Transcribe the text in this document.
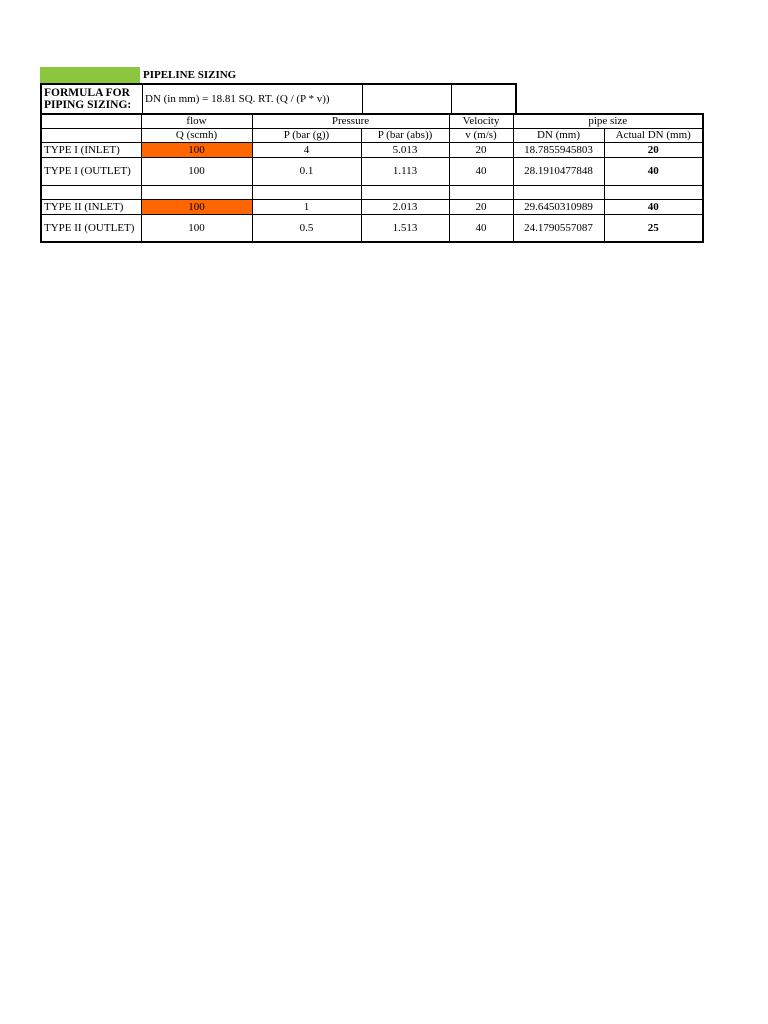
PIPELINE SIZING
FORMULA FOR PIPING SIZING:	DN (in mm) = 18.81 SQ. RT. (Q / (P * v))		
	flow	Pressure		Velocity	pipe size	
	Q (scmh)	P (bar (g))	P (bar (abs))	v (m/s)	DN (mm)	Actual DN (mm)
TYPE I (INLET)	100	4	5.013	20	18.7855945803	20
TYPE I (OUTLET)	100	0.1	1.113	40	28.1910477848	40

TYPE II (INLET)	100	1	2.013	20	29.6450310989	40
TYPE II (OUTLET)	100	0.5	1.513	40	24.1790557087	25
